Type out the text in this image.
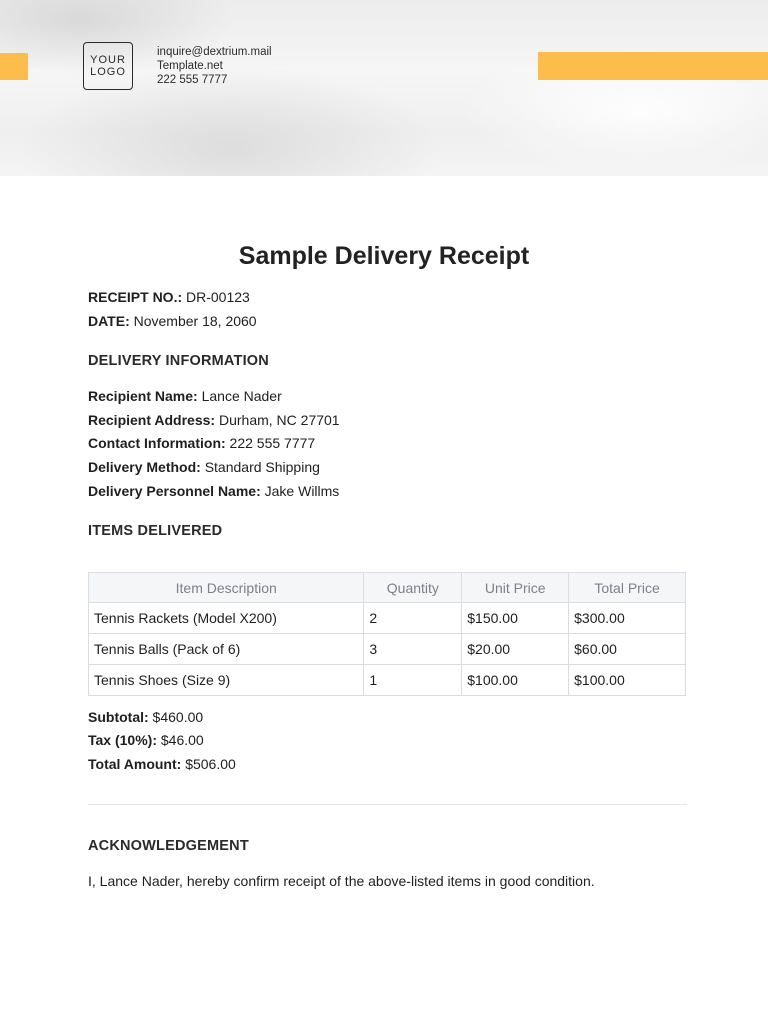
YOUR
LOGO
inquire@dextrium.mail
Template.net
222 555 7777
Sample Delivery Receipt
RECEIPT NO.: DR-00123
DATE: November 18, 2060
DELIVERY INFORMATION
Recipient Name: Lance Nader
Recipient Address: Durham, NC 27701
Contact Information: 222 555 7777
Delivery Method: Standard Shipping
Delivery Personnel Name: Jake Willms
ITEMS DELIVERED
Item Description	Quantity	Unit Price	Total Price
Tennis Rackets (Model X200)	2	$150.00	$300.00
Tennis Balls (Pack of 6)	3	$20.00	$60.00
Tennis Shoes (Size 9)	1	$100.00	$100.00
Subtotal: $460.00
Tax (10%): $46.00
Total Amount: $506.00
ACKNOWLEDGEMENT
I, Lance Nader, hereby confirm receipt of the above-listed items in good condition.
